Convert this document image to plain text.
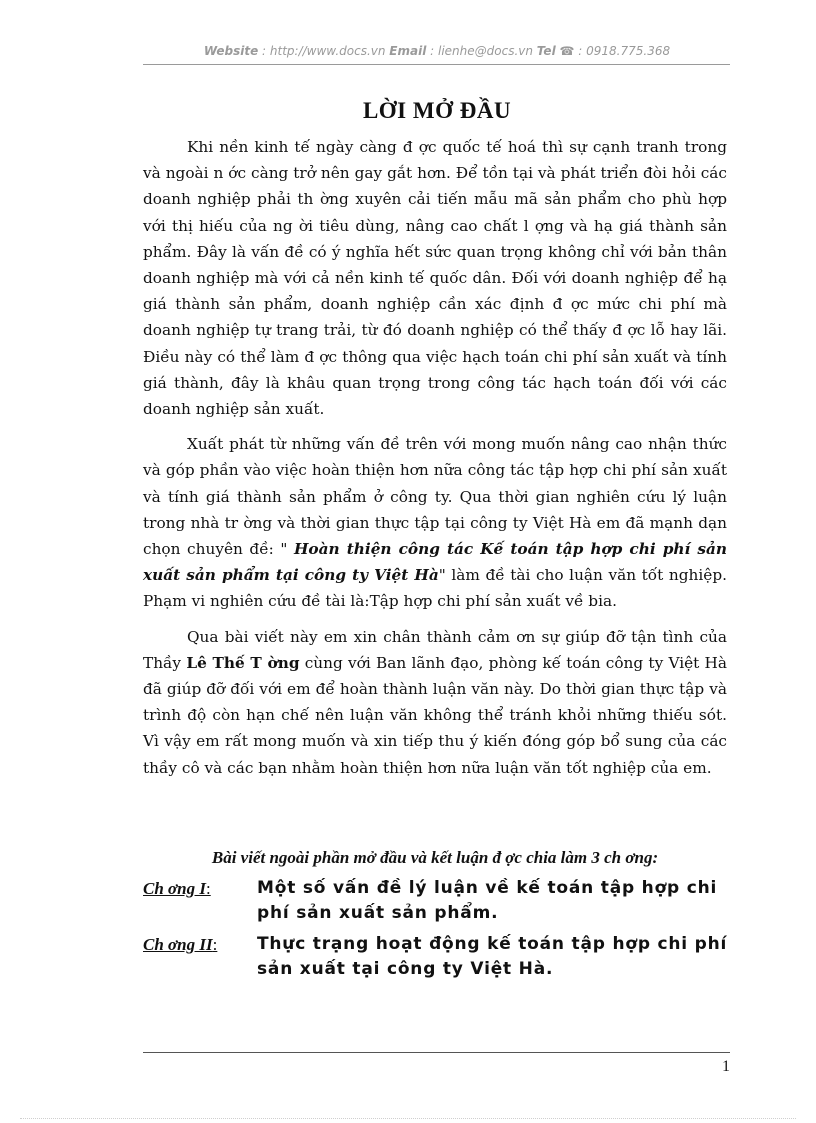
Website : http://www.docs.vn Email : lienhe@docs.vn Tel ☎ : 0918.775.368
LỜI MỞ ĐẦU

Khi nền kinh tế ngày càng đ ợc quốc tế hoá thì sự cạnh tranh trong và ngoài n ớc càng trở nên gay gắt hơn. Để tồn tại và phát triển đòi hỏi các doanh nghiệp phải th ờng xuyên cải tiến mẫu mã sản phẩm cho phù hợp với thị hiếu của ng ời tiêu dùng, nâng cao chất l ợng và hạ giá thành sản phẩm. Đây là vấn đề có ý nghĩa hết sức quan trọng không chỉ với bản thân doanh nghiệp mà với cả nền kinh tế quốc dân. Đối với doanh nghiệp để hạ giá thành sản phẩm, doanh nghiệp cần xác định đ ợc mức chi phí mà doanh nghiệp tự trang trải, từ đó doanh nghiệp có thể thấy đ ợc lỗ hay lãi. Điều này có thể làm đ ợc thông qua việc hạch toán chi phí sản xuất và tính giá thành, đây là khâu quan trọng trong công tác hạch toán đối với các doanh nghiệp sản xuất.

Xuất phát từ những vấn đề trên với mong muốn nâng cao nhận thức và góp phần vào việc hoàn thiện hơn nữa công tác tập hợp chi phí sản xuất và tính giá thành sản phẩm ở công ty. Qua thời gian nghiên cứu lý luận trong nhà tr ờng và thời gian thực tập tại công ty Việt Hà em đã mạnh dạn chọn chuyên đề: " Hoàn thiện công tác Kế toán tập hợp chi phí sản xuất sản phẩm tại công ty Việt Hà" làm đề tài cho luận văn tốt nghiệp. Phạm vi nghiên cứu đề tài là:Tập hợp chi phí sản xuất về bia.

Qua bài viết này em xin chân thành cảm ơn sự giúp đỡ tận tình của Thầy Lê Thế T ờng cùng với Ban lãnh đạo, phòng kế toán công ty Việt Hà đã giúp đỡ đối với em để hoàn thành luận văn này. Do thời gian thực tập và trình độ còn hạn chế nên luận văn không thể tránh khỏi những thiếu sót. Vì vậy em rất mong muốn và xin tiếp thu ý kiến đóng góp bổ sung của các thầy cô và các bạn nhằm hoàn thiện hơn nữa luận văn tốt nghiệp của em.

Bài viết ngoài phần mở đầu và kết luận đ ợc chia làm 3 ch ơng:
Ch ơng I:	Một số vấn đề lý luận về kế toán tập hợp chi phí sản xuất sản phẩm.
Ch ơng II: Thực trạng hoạt động kế toán tập hợp chi phí sản xuất tại công ty Việt Hà.
1
